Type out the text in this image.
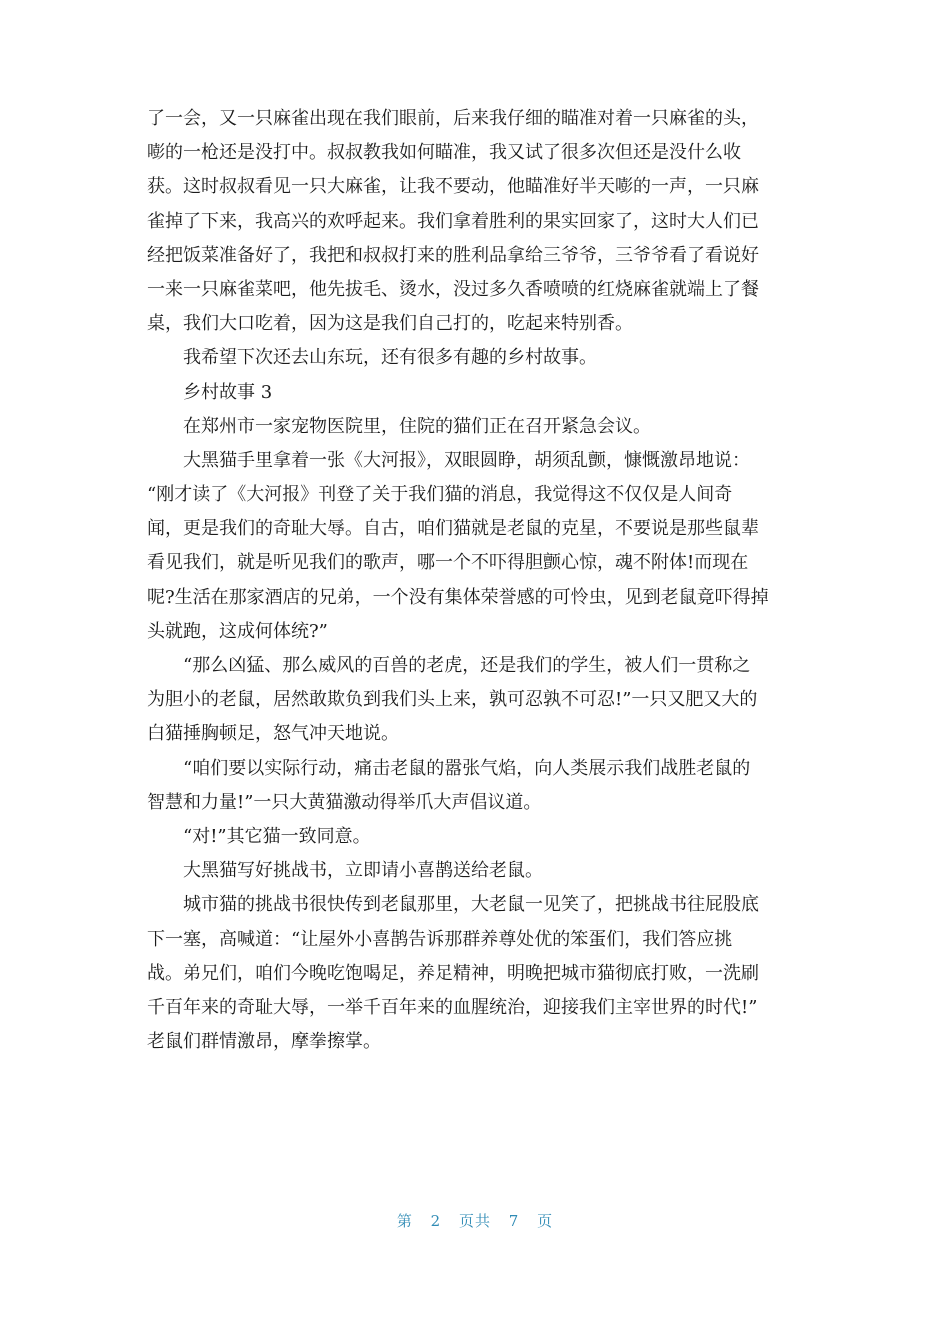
了一会，又一只麻雀出现在我们眼前，后来我仔细的瞄准对着一只麻雀的头，
嘭的一枪还是没打中。叔叔教我如何瞄准，我又试了很多次但还是没什么收
获。这时叔叔看见一只大麻雀，让我不要动，他瞄准好半天嘭的一声，一只麻
雀掉了下来，我高兴的欢呼起来。我们拿着胜利的果实回家了，这时大人们已
经把饭菜准备好了，我把和叔叔打来的胜利品拿给三爷爷，三爷爷看了看说好
一来一只麻雀菜吧，他先拔毛、烫水，没过多久香喷喷的红烧麻雀就端上了餐
桌，我们大口吃着，因为这是我们自己打的，吃起来特别香。
我希望下次还去山东玩，还有很多有趣的乡村故事。
乡村故事 3
在郑州市一家宠物医院里，住院的猫们正在召开紧急会议。
大黑猫手里拿着一张《大河报》，双眼圆睁，胡须乱颤，慷慨激昂地说：
“刚才读了《大河报》刊登了关于我们猫的消息，我觉得这不仅仅是人间奇
闻，更是我们的奇耻大辱。自古，咱们猫就是老鼠的克星，不要说是那些鼠辈
看见我们，就是听见我们的歌声，哪一个不吓得胆颤心惊，魂不附体!而现在
呢?生活在那家酒店的兄弟，一个没有集体荣誉感的可怜虫，见到老鼠竟吓得掉
头就跑，这成何体统?”
“那么凶猛、那么威风的百兽的老虎，还是我们的学生，被人们一贯称之
为胆小的老鼠，居然敢欺负到我们头上来，孰可忍孰不可忍!”一只又肥又大的
白猫捶胸顿足，怒气冲天地说。
“咱们要以实际行动，痛击老鼠的嚣张气焰，向人类展示我们战胜老鼠的
智慧和力量!”一只大黄猫激动得举爪大声倡议道。
“对!”其它猫一致同意。
大黑猫写好挑战书，立即请小喜鹊送给老鼠。
城市猫的挑战书很快传到老鼠那里，大老鼠一见笑了，把挑战书往屁股底
下一塞，高喊道：“让屋外小喜鹊告诉那群养尊处优的笨蛋们，我们答应挑
战。弟兄们，咱们今晚吃饱喝足，养足精神，明晚把城市猫彻底打败，一洗刷
千百年来的奇耻大辱，一举千百年来的血腥统治，迎接我们主宰世界的时代!”
老鼠们群情激昂，摩拳擦掌。
第 2 页共 7 页
